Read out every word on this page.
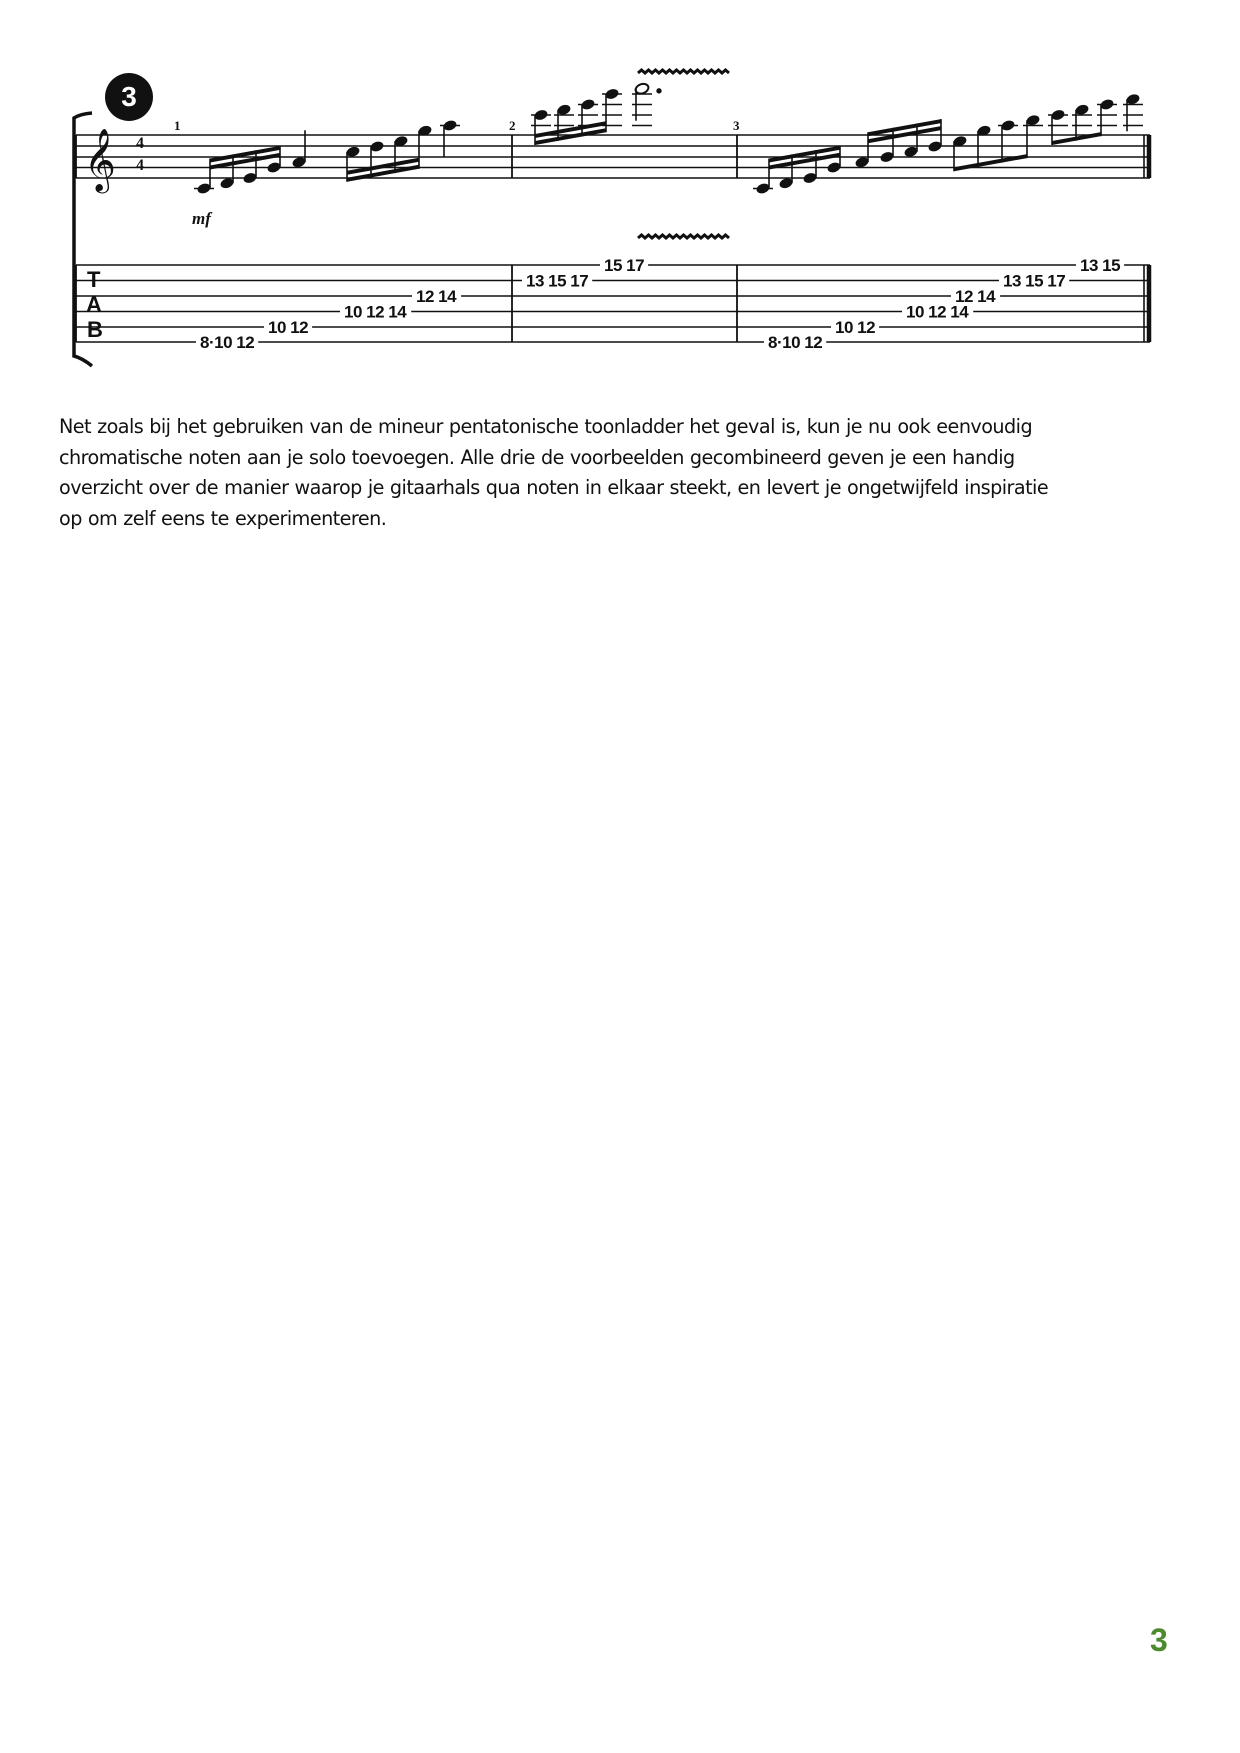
3
𝄞 4
4
mf
T
A
B
1	2	3
8·10 12
10 12
10 12 14
12 14
13 15 17
15 17
8·10 12
10 12
10 12 14
12 14
13 15 17
13 15
Net zoals bij het gebruiken van de mineur pentatonische toonladder het geval is, kun je nu ook eenvoudig
chromatische noten aan je solo toevoegen. Alle drie de voorbeelden gecombineerd geven je een handig
overzicht over de manier waarop je gitaarhals qua noten in elkaar steekt, en levert je ongetwijfeld inspiratie
op om zelf eens te experimenteren.
3
